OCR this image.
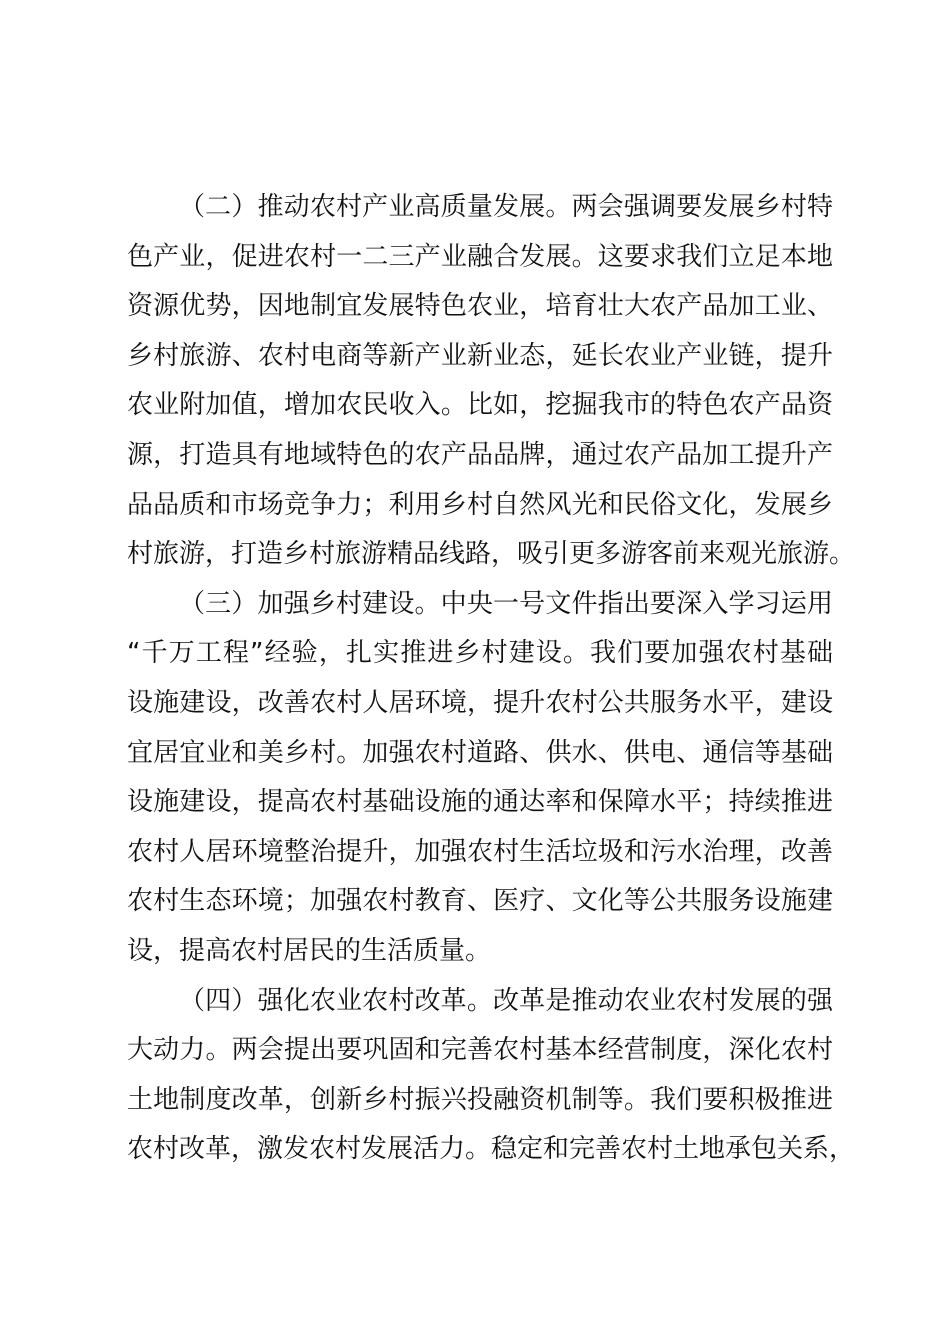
（二）推动农村产业高质量发展。两会强调要发展乡村特
色产业，促进农村一二三产业融合发展。这要求我们立足本地
资源优势，因地制宜发展特色农业，培育壮大农产品加工业、
乡村旅游、农村电商等新产业新业态，延长农业产业链，提升
农业附加值，增加农民收入。比如，挖掘我市的特色农产品资
源，打造具有地域特色的农产品品牌，通过农产品加工提升产
品品质和市场竞争力；利用乡村自然风光和民俗文化，发展乡
村旅游，打造乡村旅游精品线路，吸引更多游客前来观光旅游。
（三）加强乡村建设。中央一号文件指出要深入学习运用
“千万工程”经验，扎实推进乡村建设。我们要加强农村基础
设施建设，改善农村人居环境，提升农村公共服务水平，建设
宜居宜业和美乡村。加强农村道路、供水、供电、通信等基础
设施建设，提高农村基础设施的通达率和保障水平；持续推进
农村人居环境整治提升，加强农村生活垃圾和污水治理，改善
农村生态环境；加强农村教育、医疗、文化等公共服务设施建
设，提高农村居民的生活质量。
（四）强化农业农村改革。改革是推动农业农村发展的强
大动力。两会提出要巩固和完善农村基本经营制度，深化农村
土地制度改革，创新乡村振兴投融资机制等。我们要积极推进
农村改革，激发农村发展活力。稳定和完善农村土地承包关系，
